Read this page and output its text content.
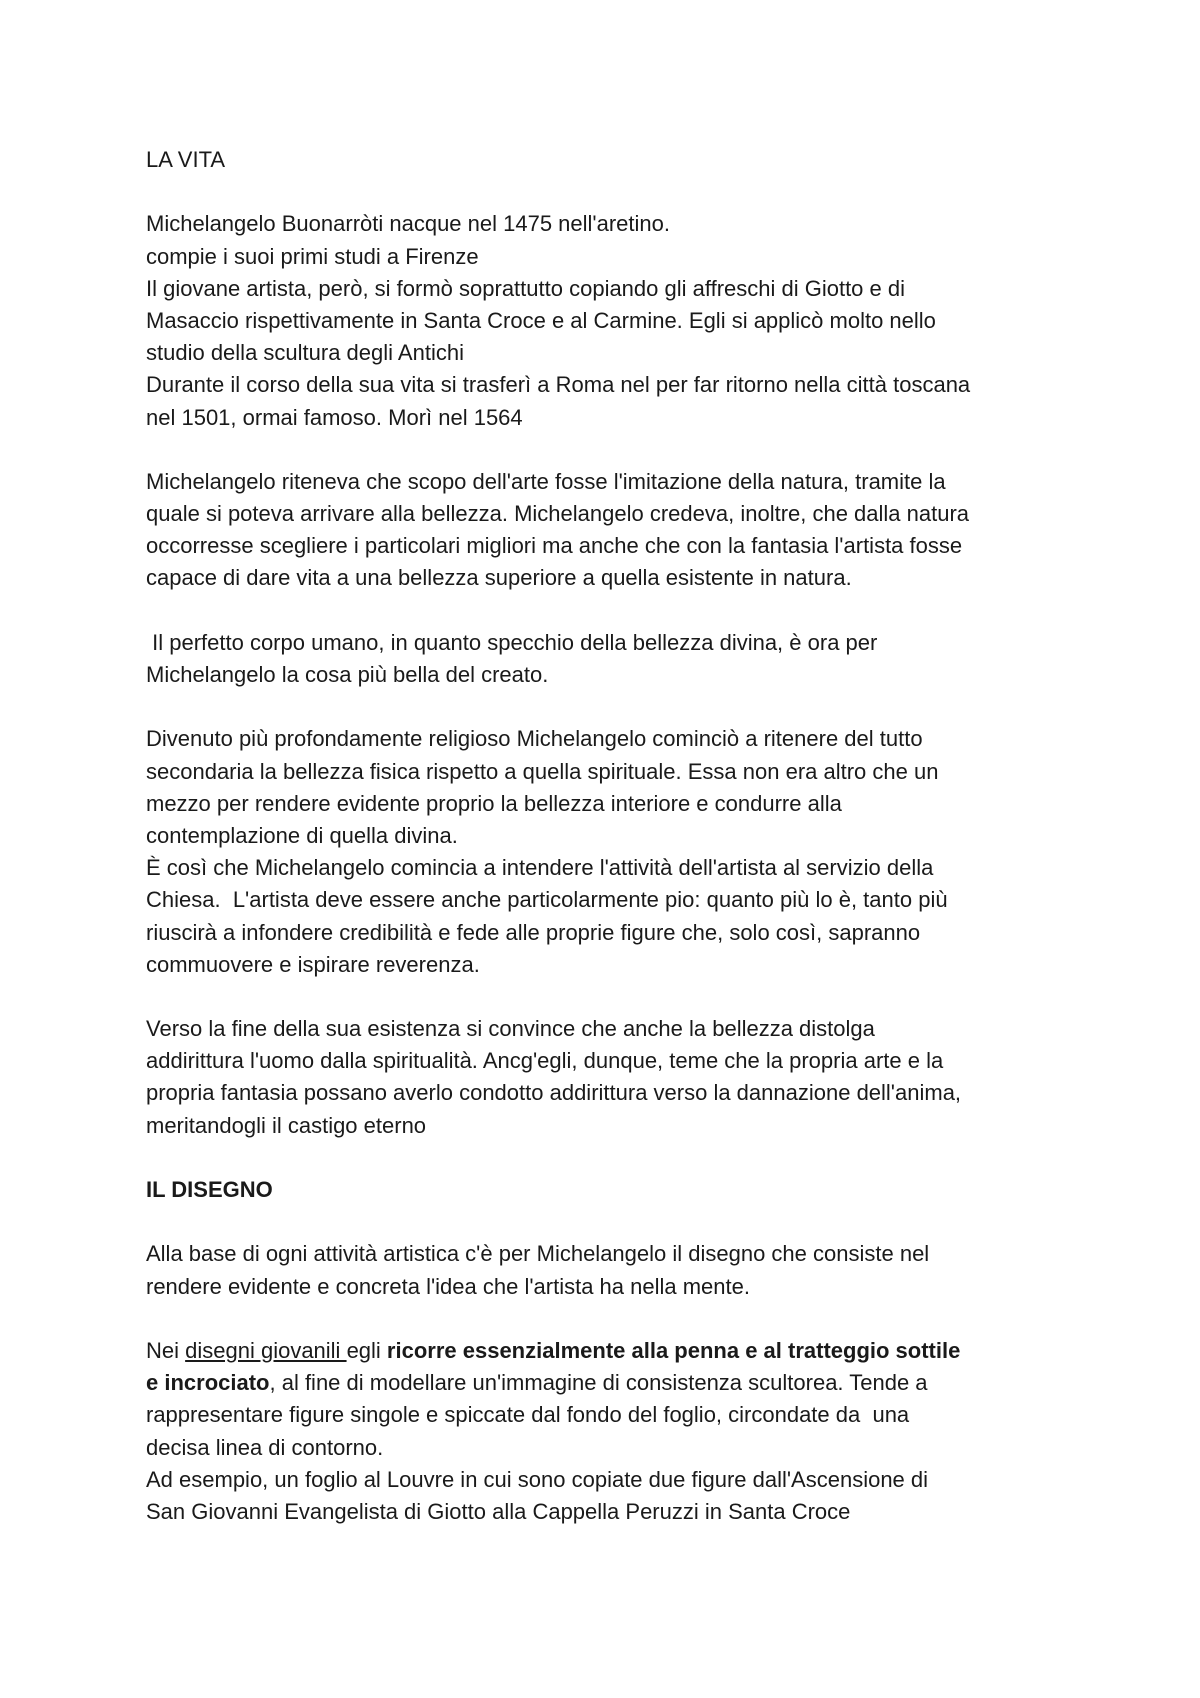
LA VITA
Michelangelo Buonarròti nacque nel 1475 nell'aretino.
compie i suoi primi studi a Firenze
Il giovane artista, però, si formò soprattutto copiando gli affreschi di Giotto e di
Masaccio rispettivamente in Santa Croce e al Carmine. Egli si applicò molto nello
studio della scultura degli Antichi
Durante il corso della sua vita si trasferì a Roma nel per far ritorno nella città toscana
nel 1501, ormai famoso. Morì nel 1564
Michelangelo riteneva che scopo dell'arte fosse l'imitazione della natura, tramite la
quale si poteva arrivare alla bellezza. Michelangelo credeva, inoltre, che dalla natura
occorresse scegliere i particolari migliori ma anche che con la fantasia l'artista fosse
capace di dare vita a una bellezza superiore a quella esistente in natura.
Il perfetto corpo umano, in quanto specchio della bellezza divina, è ora per
Michelangelo la cosa più bella del creato.
Divenuto più profondamente religioso Michelangelo cominciò a ritenere del tutto
secondaria la bellezza fisica rispetto a quella spirituale. Essa non era altro che un
mezzo per rendere evidente proprio la bellezza interiore e condurre alla
contemplazione di quella divina.
È così che Michelangelo comincia a intendere l'attività dell'artista al servizio della
Chiesa.  L'artista deve essere anche particolarmente pio: quanto più lo è, tanto più
riuscirà a infondere credibilità e fede alle proprie figure che, solo così, sapranno
commuovere e ispirare reverenza.
Verso la fine della sua esistenza si convince che anche la bellezza distolga
addirittura l'uomo dalla spiritualità. Ancg'egli, dunque, teme che la propria arte e la
propria fantasia possano averlo condotto addirittura verso la dannazione dell'anima,
meritandogli il castigo eterno
IL DISEGNO
Alla base di ogni attività artistica c'è per Michelangelo il disegno che consiste nel
rendere evidente e concreta l'idea che l'artista ha nella mente.
Nei disegni giovanili egli ricorre essenzialmente alla penna e al tratteggio sottile
e incrociato, al fine di modellare un'immagine di consistenza scultorea. Tende a
rappresentare figure singole e spiccate dal fondo del foglio, circondate da  una
decisa linea di contorno.
Ad esempio, un foglio al Louvre in cui sono copiate due figure dall'Ascensione di
San Giovanni Evangelista di Giotto alla Cappella Peruzzi in Santa Croce
